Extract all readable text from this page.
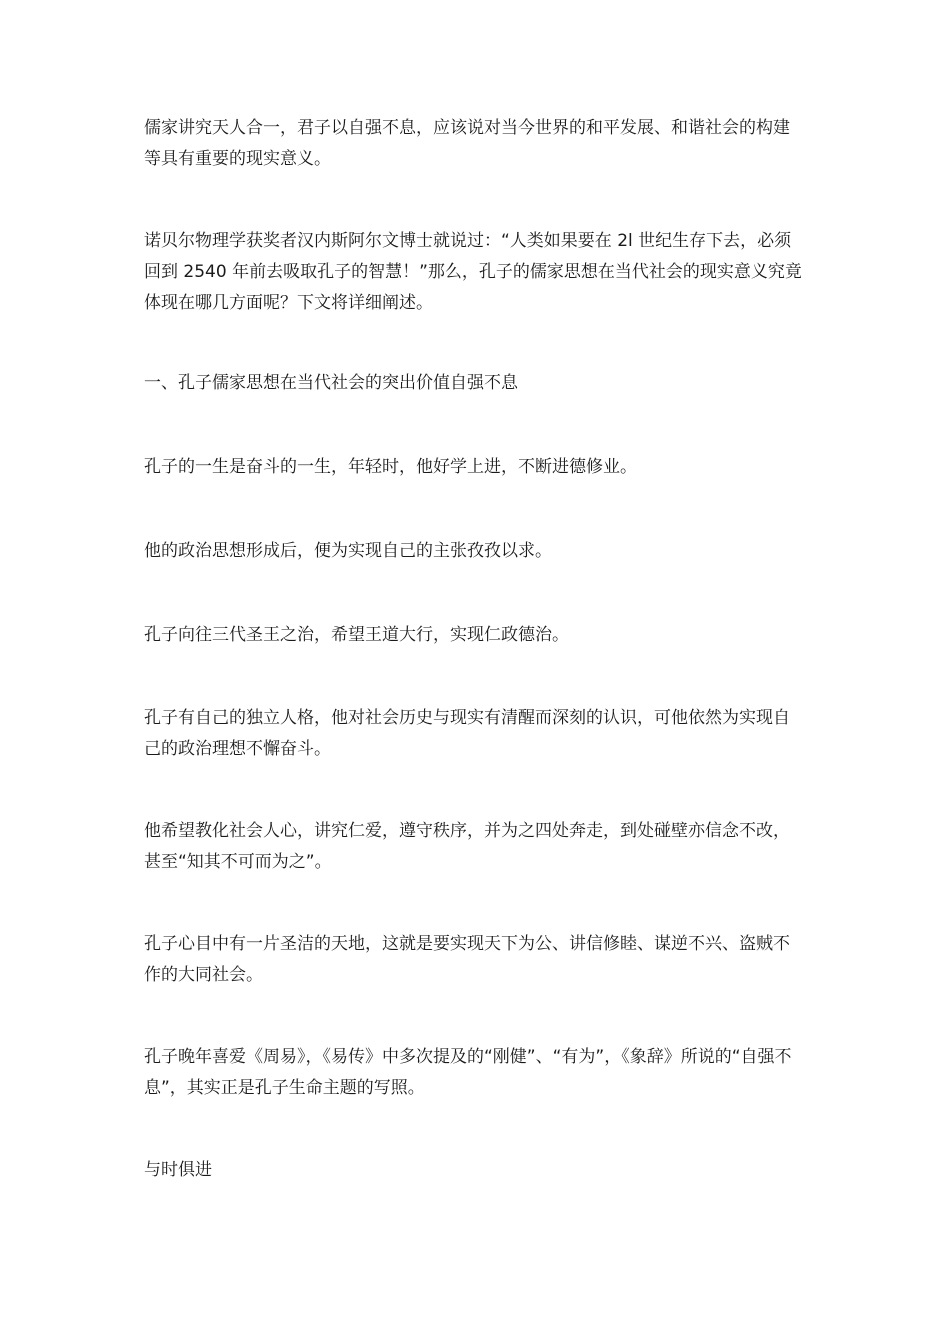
儒家讲究天人合一，君子以自强不息，应该说对当今世界的和平发展、和谐社会的构建等具有重要的现实意义。

诺贝尔物理学获奖者汉内斯阿尔文博士就说过：“人类如果要在 2l 世纪生存下去，必须回到 2540 年前去吸取孔子的智慧！”那么，孔子的儒家思想在当代社会的现实意义究竟体现在哪几方面呢？下文将详细阐述。

一、孔子儒家思想在当代社会的突出价值自强不息

孔子的一生是奋斗的一生，年轻时，他好学上进，不断进德修业。

他的政治思想形成后，便为实现自己的主张孜孜以求。

孔子向往三代圣王之治，希望王道大行，实现仁政德治。

孔子有自己的独立人格，他对社会历史与现实有清醒而深刻的认识，可他依然为实现自己的政治理想不懈奋斗。

他希望教化社会人心，讲究仁爱，遵守秩序，并为之四处奔走，到处碰壁亦信念不改，甚至“知其不可而为之”。

孔子心目中有一片圣洁的天地，这就是要实现天下为公、讲信修睦、谋逆不兴、盗贼不作的大同社会。

孔子晚年喜爱《周易》，《易传》中多次提及的“刚健”、“有为”，《象辞》所说的“自强不息”，其实正是孔子生命主题的写照。

与时俱进
